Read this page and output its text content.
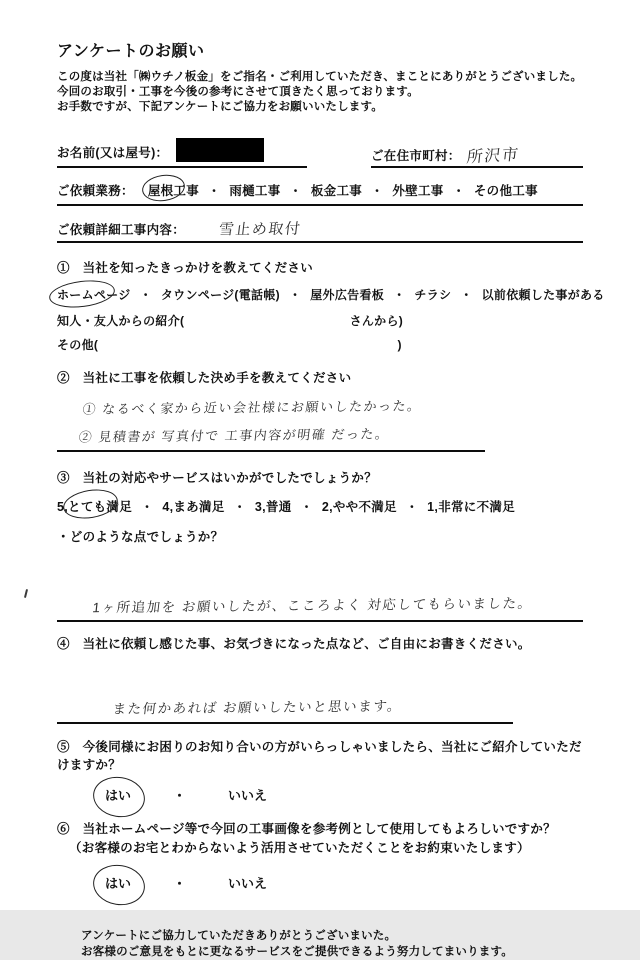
アンケートのお願い
この度は当社「㈱ウチノ板金」をご指名・ご利用していただき、まことにありがとうございました。
今回のお取引・工事を今後の参考にさせて頂きたく思っております。
お手数ですが、下記アンケートにご協力をお願いいたします。
お名前(又は屋号)：	ご在住市町村： 所沢市
ご依頼業務： 屋根工事 ・ 雨樋工事 ・ 板金工事 ・ 外壁工事 ・ その他工事
ご依頼詳細工事内容： 雪止め取付
①　当社を知ったきっかけを教えてください
ホームページ ・ タウンページ(電話帳) ・ 屋外広告看板 ・ チラシ ・ 以前依頼した事がある
知人・友人からの紹介(	さんから)
その他(	)
②　当社に工事を依頼した決め手を教えてください
① なるべく家から近い会社様にお願いしたかった。
② 見積書が 写真付で 工事内容が明確 だった。
③　当社の対応やサービスはいかがでしたでしょうか？
5,とても満足 ・ 4,まあ満足 ・ 3,普通 ・ 2,やや不満足 ・ 1,非常に不満足
・どのような点でしょうか？
1ヶ所追加を お願いしたが、こころよく 対応してもらいました。
④　当社に依頼し感じた事、お気づきになった点など、ご自由にお書きください。
また何かあれば お願いしたいと思います。
⑤　今後同様にお困りのお知り合いの方がいらっしゃいましたら、当社にご紹介していただけますか？
はい	・	いいえ
⑥　当社ホームページ等で今回の工事画像を参考例として使用してもよろしいですか？
（お客様のお宅とわからないよう活用させていただくことをお約束いたします）
はい	・	いいえ
アンケートにご協力していただきありがとうございまいた。
お客様のご意見をもとに更なるサービスをご提供できるよう努力してまいります。
